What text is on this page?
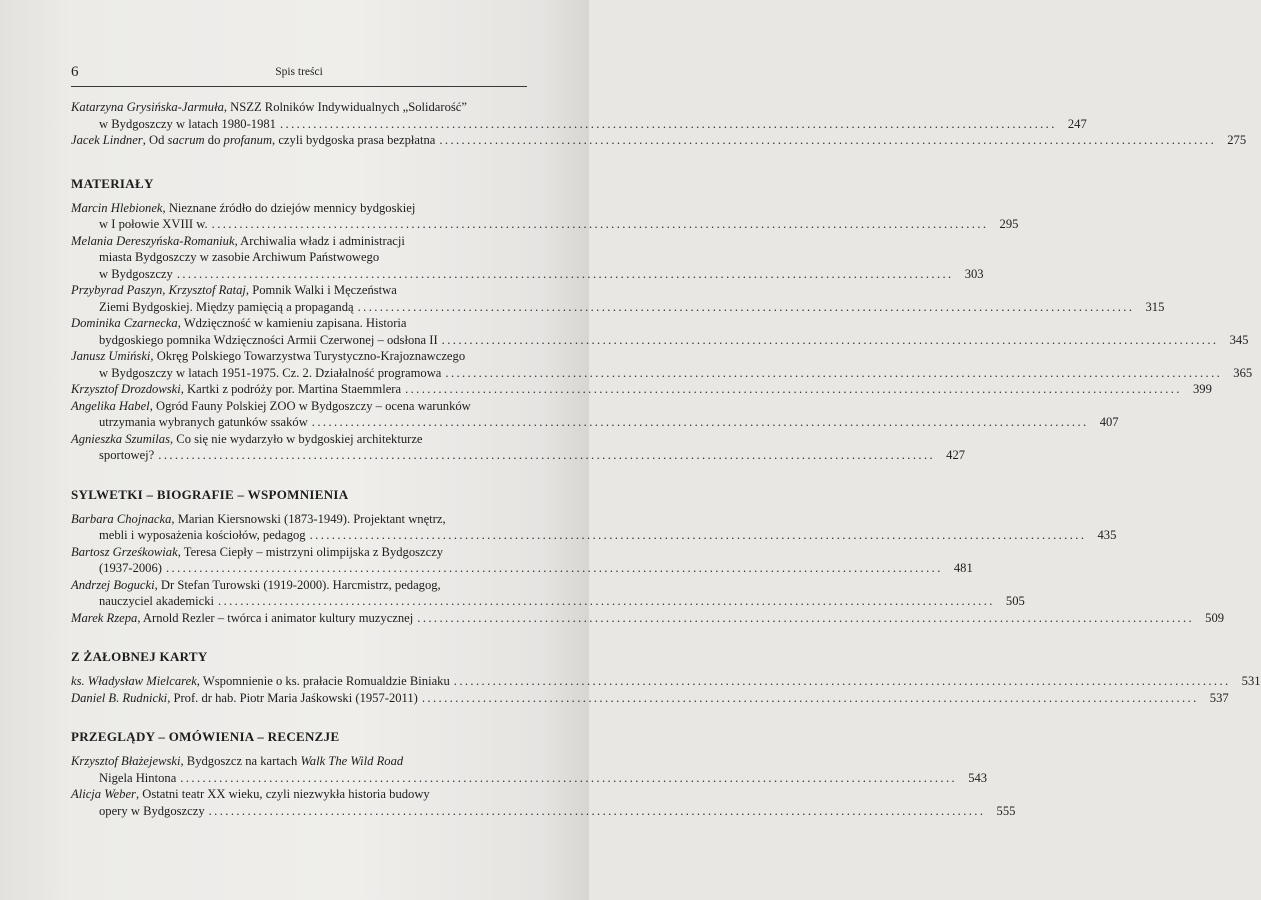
6	Spis treści
Katarzyna Grysińska-Jarmuła, NSZZ Rolników Indywidualnych „Solidarość”
w Bydgoszczy w latach 1980-1981 ............................................................................................................................................ 247
Jacek Lindner, Od sacrum do profanum, czyli bydgoska prasa bezpłatna ............................................................................................................................................ 275
MATERIAŁY
Marcin Hlebionek, Nieznane źródło do dziejów mennicy bydgoskiej
w I połowie XVIII w. ............................................................................................................................................ 295
Melania Dereszyńska-Romaniuk, Archiwalia władz i administracji
miasta Bydgoszczy w zasobie Archiwum Państwowego
w Bydgoszczy ............................................................................................................................................ 303
Przybyrad Paszyn, Krzysztof Rataj, Pomnik Walki i Męczeństwa
Ziemi Bydgoskiej. Między pamięcią a propagandą ............................................................................................................................................ 315
Dominika Czarnecka, Wdzięczność w kamieniu zapisana. Historia
bydgoskiego pomnika Wdzięczności Armii Czerwonej – odsłona II ............................................................................................................................................ 345
Janusz Umiński, Okręg Polskiego Towarzystwa Turystyczno-Krajoznawczego
w Bydgoszczy w latach 1951-1975. Cz. 2. Działalność programowa ............................................................................................................................................ 365
Krzysztof Drozdowski, Kartki z podróży por. Martina Staemmlera ............................................................................................................................................ 399
Angelika Habel, Ogród Fauny Polskiej ZOO w Bydgoszczy – ocena warunków
utrzymania wybranych gatunków ssaków ............................................................................................................................................ 407
Agnieszka Szumilas, Co się nie wydarzyło w bydgoskiej architekturze
sportowej? ............................................................................................................................................ 427
SYLWETKI – BIOGRAFIE – WSPOMNIENIA
Barbara Chojnacka, Marian Kiersnowski (1873-1949). Projektant wnętrz,
mebli i wyposażenia kościołów, pedagog ............................................................................................................................................ 435
Bartosz Grześkowiak, Teresa Ciepły – mistrzyni olimpijska z Bydgoszczy
(1937-2006) ............................................................................................................................................ 481
Andrzej Bogucki, Dr Stefan Turowski (1919-2000). Harcmistrz, pedagog,
nauczyciel akademicki ............................................................................................................................................ 505
Marek Rzepa, Arnold Rezler – twórca i animator kultury muzycznej ............................................................................................................................................ 509
Z ŻAŁOBNEJ KARTY
ks. Władysław Mielcarek, Wspomnienie o ks. prałacie Romualdzie Biniaku ............................................................................................................................................ 531
Daniel B. Rudnicki, Prof. dr hab. Piotr Maria Jaśkowski (1957-2011) ............................................................................................................................................ 537
PRZEGLĄDY – OMÓWIENIA – RECENZJE
Krzysztof Błażejewski, Bydgoszcz na kartach Walk The Wild Road
Nigela Hintona ............................................................................................................................................ 543
Alicja Weber, Ostatni teatr XX wieku, czyli niezwykła historia budowy
opery w Bydgoszczy ............................................................................................................................................ 555
